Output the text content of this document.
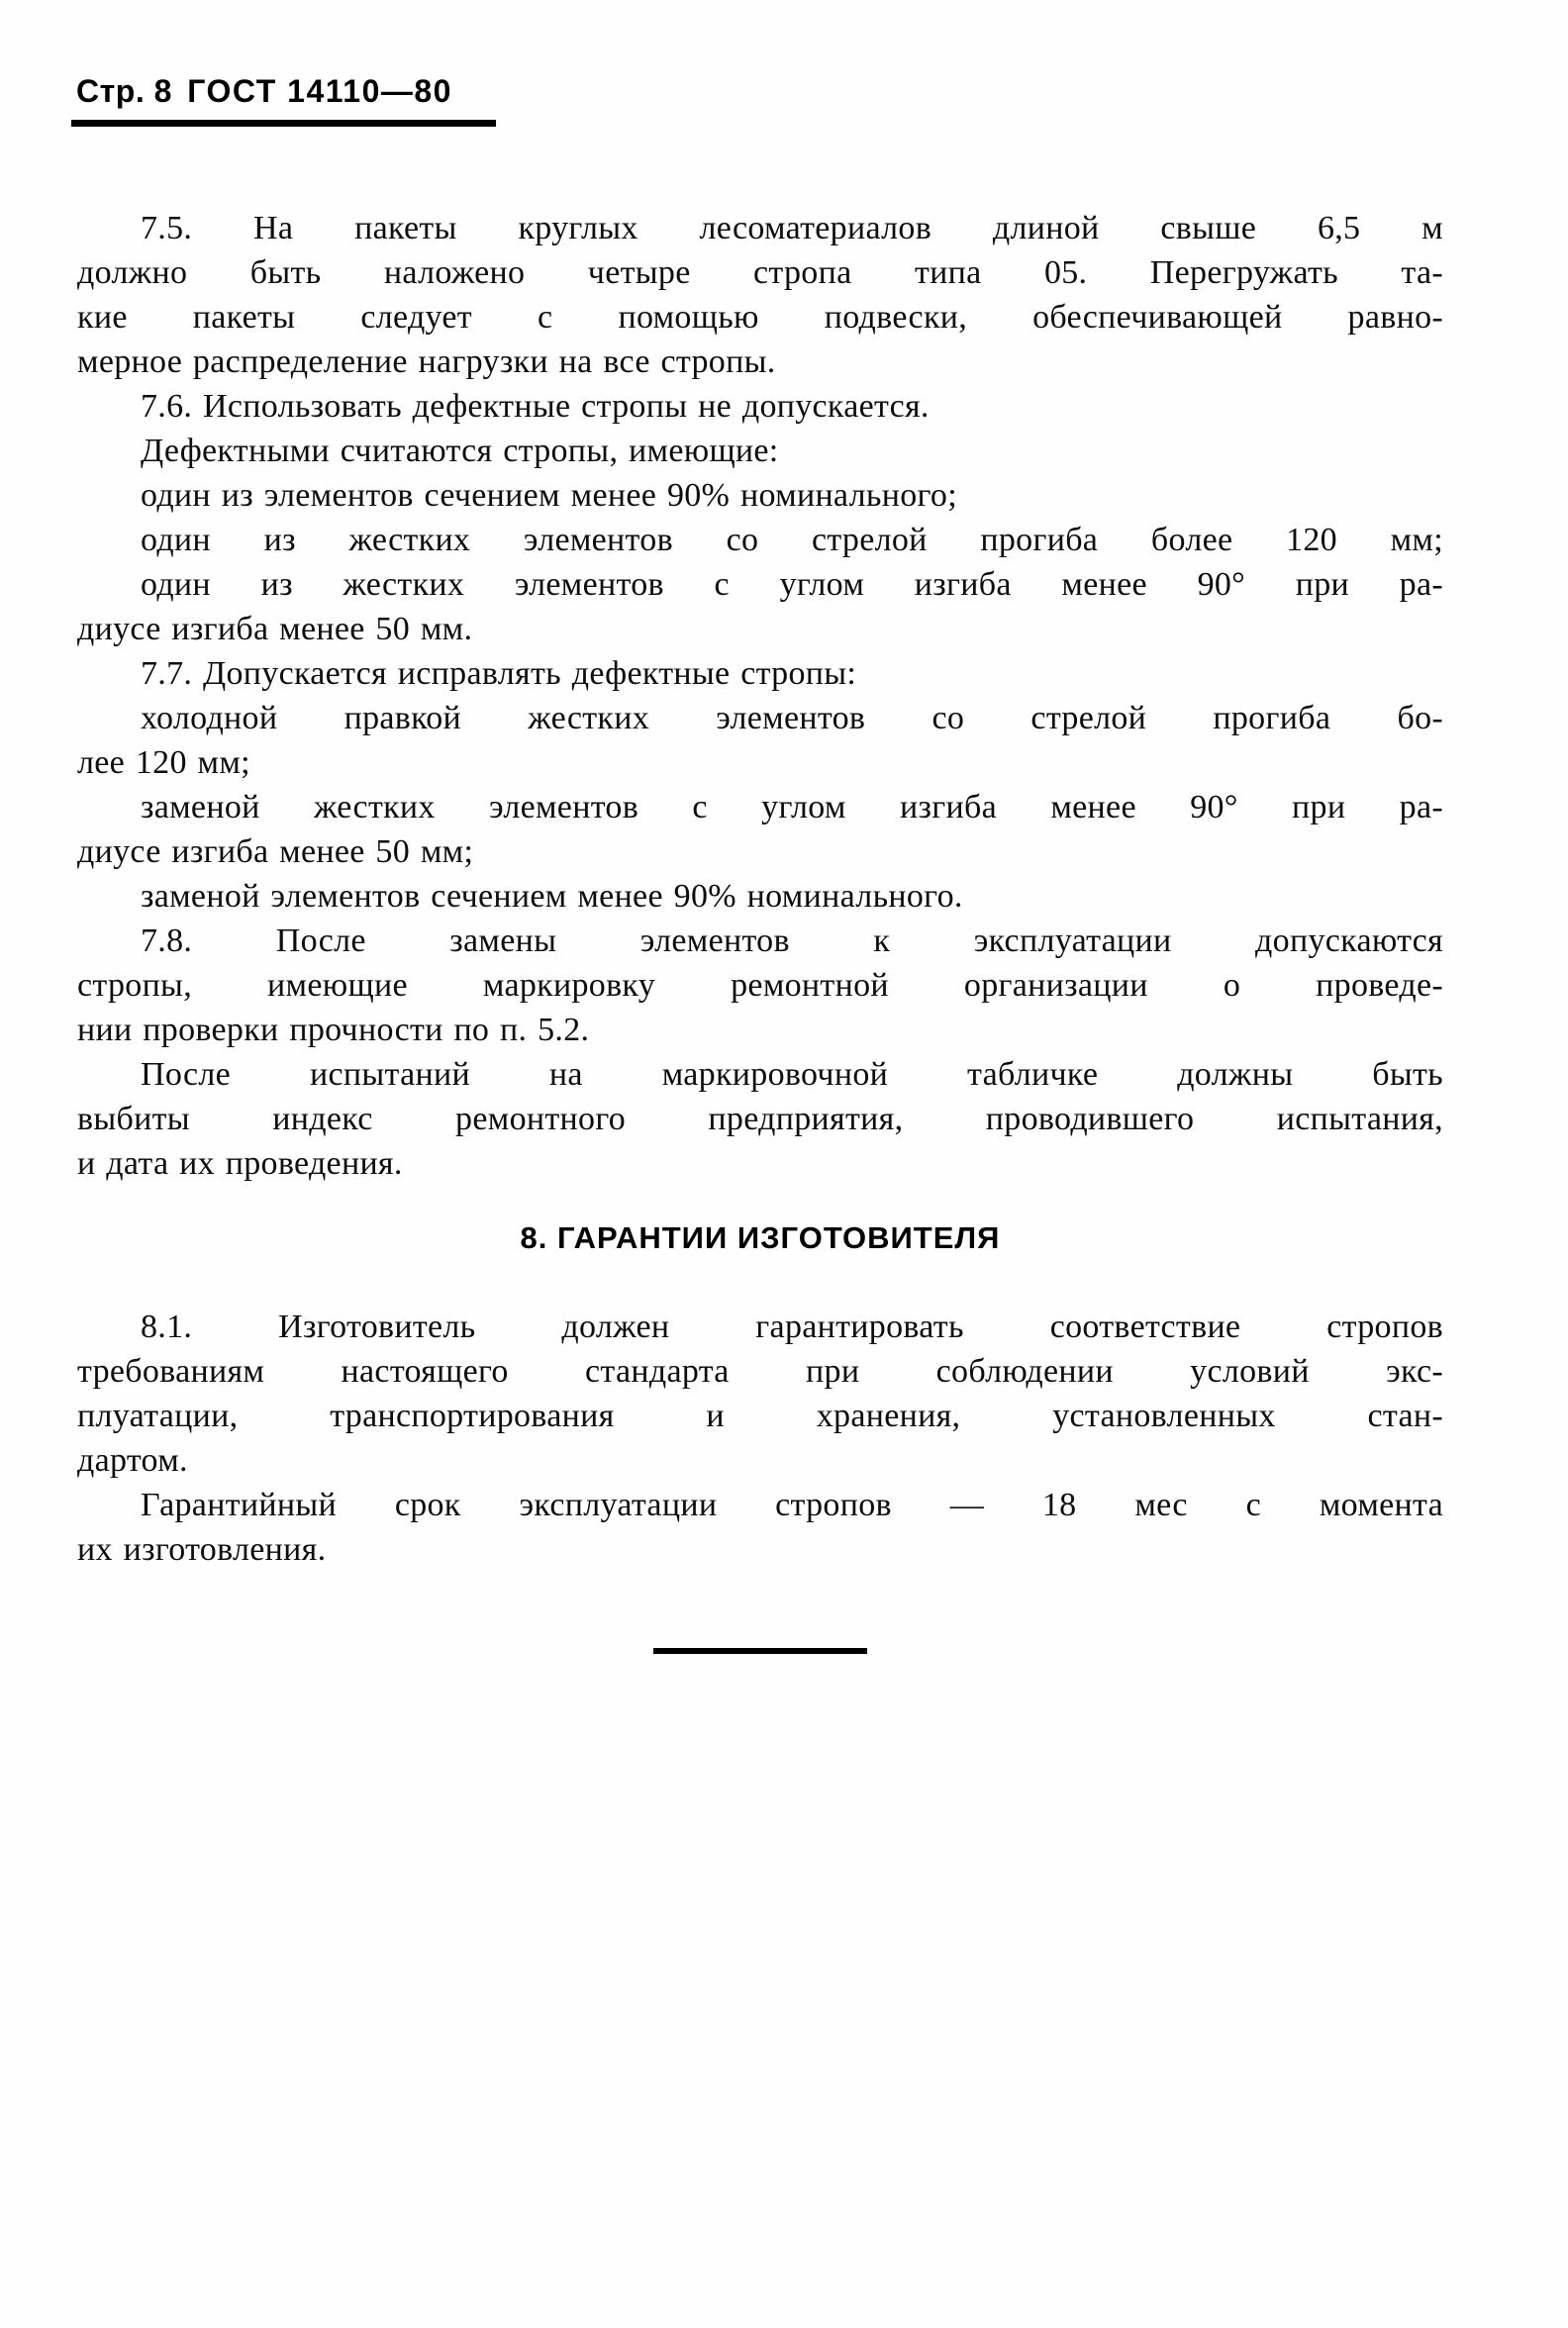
Стр. 8 ГОСТ 14110—80

7.5. На пакеты круглых лесоматериалов длиной свыше 6,5 м

должно быть наложено четыре стропа типа 05. Перегружать та-

кие пакеты следует с помощью подвески, обеспечивающей равно-

мерное распределение нагрузки на все стропы.

7.6. Использовать дефектные стропы не допускается.

Дефектными считаются стропы, имеющие:

один из элементов сечением менее 90% номинального;

один из жестких элементов со стрелой прогиба более 120 мм;

один из жестких элементов с углом изгиба менее 90° при ра-

диусе изгиба менее 50 мм.

7.7. Допускается исправлять дефектные стропы:

холодной правкой жестких элементов со стрелой прогиба бо-

лее 120 мм;

заменой жестких элементов с углом изгиба менее 90° при ра-

диусе изгиба менее 50 мм;

заменой элементов сечением менее 90% номинального.

7.8. После замены элементов к эксплуатации допускаются

стропы, имеющие маркировку ремонтной организации о проведе-

нии проверки прочности по п. 5.2.

После испытаний на маркировочной табличке должны быть

выбиты индекс ремонтного предприятия, проводившего испытания,

и дата их проведения.

8. ГАРАНТИИ ИЗГОТОВИТЕЛЯ

8.1. Изготовитель должен гарантировать соответствие стропов

требованиям настоящего стандарта при соблюдении условий экс-

плуатации, транспортирования и хранения, установленных стан-

дартом.

Гарантийный срок эксплуатации стропов — 18 мес с момента

их изготовления.
